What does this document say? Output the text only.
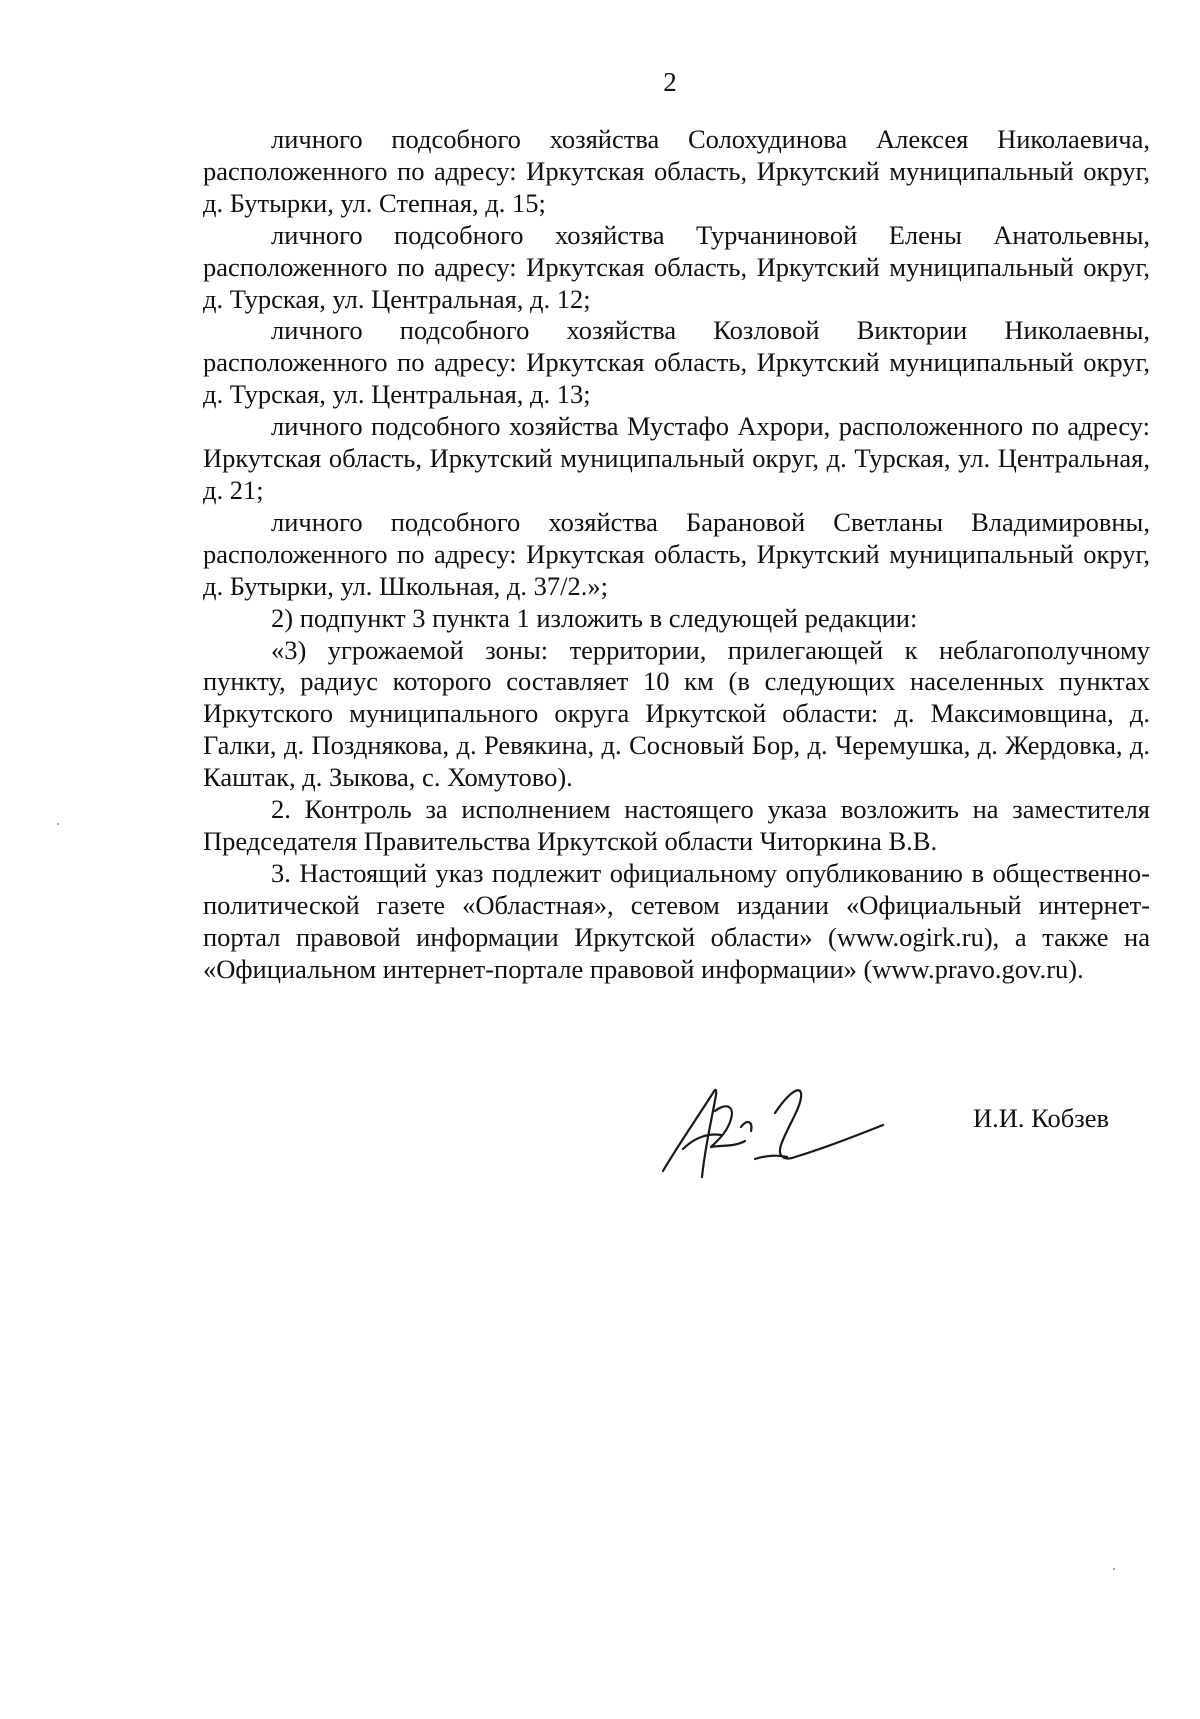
2

личного подсобного хозяйства Солохудинова Алексея Николаевича, расположенного по адресу: Иркутская область, Иркутский муниципальный округ, д. Бутырки, ул. Степная, д. 15;

личного подсобного хозяйства Турчаниновой Елены Анатольевны, расположенного по адресу: Иркутская область, Иркутский муниципальный округ, д. Турская, ул. Центральная, д. 12;

личного подсобного хозяйства Козловой Виктории Николаевны, расположенного по адресу: Иркутская область, Иркутский муниципальный округ, д. Турская, ул. Центральная, д. 13;

личного подсобного хозяйства Мустафо Ахрори, расположенного по адресу: Иркутская область, Иркутский муниципальный округ, д. Турская, ул. Центральная, д. 21;

личного подсобного хозяйства Барановой Светланы Владимировны, расположенного по адресу: Иркутская область, Иркутский муниципальный округ, д. Бутырки, ул. Школьная, д. 37/2.»;

2) подпункт 3 пункта 1 изложить в следующей редакции:

«3) угрожаемой зоны: территории, прилегающей к неблагополучному пункту, радиус которого составляет 10 км (в следующих населенных пунктах Иркутского муниципального округа Иркутской области: д. Максимовщина, д. Галки, д. Позднякова, д. Ревякина, д. Сосновый Бор, д. Черемушка, д. Жердовка, д. Каштак, д. Зыкова, с. Хомутово).

2. Контроль за исполнением настоящего указа возложить на заместителя Председателя Правительства Иркутской области Читоркина В.В.

3. Настоящий указ подлежит официальному опубликованию в общественно-политической газете «Областная», сетевом издании «Официальный интернет-портал правовой информации Иркутской области» (www.ogirk.ru), а также на «Официальном интернет-портале правовой информации» (www.pravo.gov.ru).

И.И. Кобзев
